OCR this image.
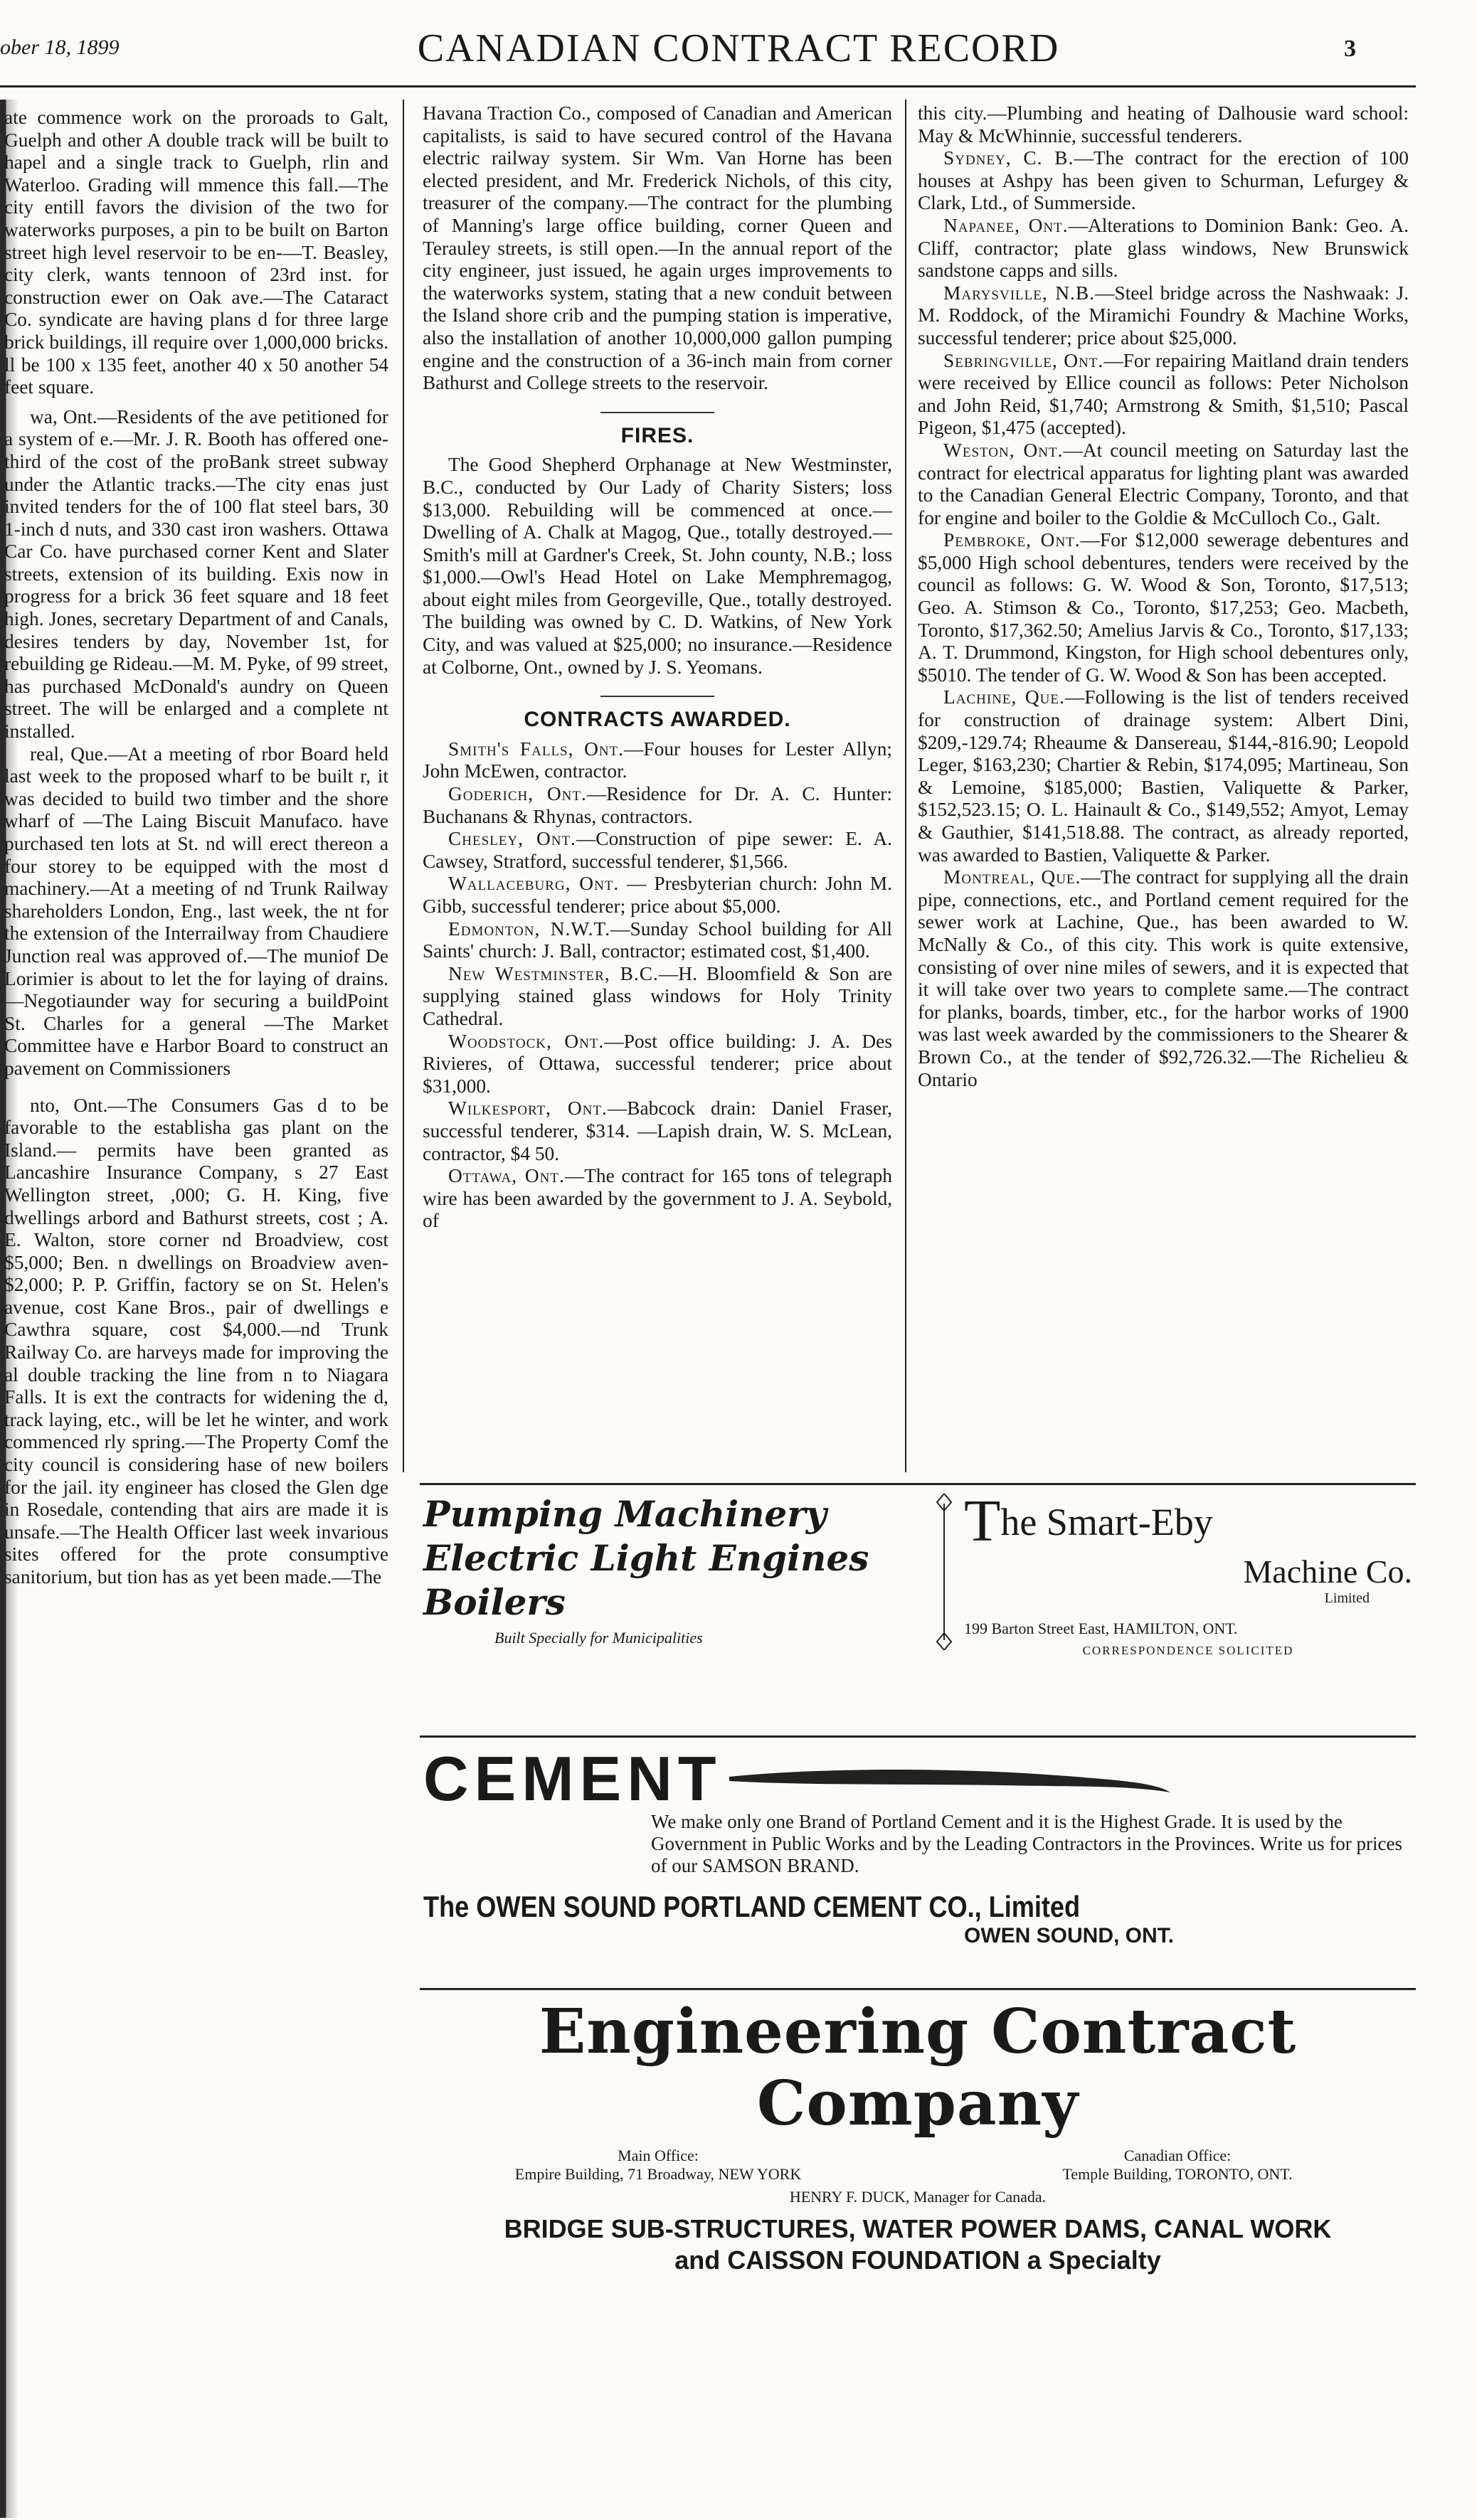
ober 18, 1899	CANADIAN CONTRACT RECORD	3

ate commence work on the proroads to Galt, Guelph and other A double track will be built to hapel and a single track to Guelph, rlin and Waterloo. Grading will mmence this fall.—The city entill favors the division of the two for waterworks purposes, a pin to be built on Barton street high level reservoir to be en-—T. Beasley, city clerk, wants tennoon of 23rd inst. for construction ewer on Oak ave.—The Cataract Co. syndicate are having plans d for three large brick buildings, ill require over 1,000,000 bricks. ll be 100 x 135 feet, another 40 x 50 another 54 feet square.

wa, Ont.—Residents of the ave petitioned for a system of e.—Mr. J. R. Booth has offered one-third of the cost of the proBank street subway under the Atlantic tracks.—The city enas just invited tenders for the of 100 flat steel bars, 30 1-inch d nuts, and 330 cast iron washers. Ottawa Car Co. have purchased corner Kent and Slater streets, extension of its building. Exis now in progress for a brick 36 feet square and 18 feet high. Jones, secretary Department of and Canals, desires tenders by day, November 1st, for rebuilding ge Rideau.—M. M. Pyke, of 99 street, has purchased McDonald's aundry on Queen street. The will be enlarged and a complete nt installed.

real, Que.—At a meeting of rbor Board held last week to the proposed wharf to be built r, it was decided to build two timber and the shore wharf of —The Laing Biscuit Manufaco. have purchased ten lots at St. nd will erect thereon a four storey to be equipped with the most d machinery.—At a meeting of nd Trunk Railway shareholders London, Eng., last week, the nt for the extension of the Interrailway from Chaudiere Junction real was approved of.—The muniof De Lorimier is about to let the for laying of drains.—Negotiaunder way for securing a buildPoint St. Charles for a general —The Market Committee have e Harbor Board to construct an pavement on Commissioners

nto, Ont.—The Consumers Gas d to be favorable to the establisha gas plant on the Island.— permits have been granted as Lancashire Insurance Company, s 27 East Wellington street, ,000; G. H. King, five dwellings arbord and Bathurst streets, cost ; A. E. Walton, store corner nd Broadview, cost $5,000; Ben. n dwellings on Broadview aven- $2,000; P. P. Griffin, factory se on St. Helen's avenue, cost Kane Bros., pair of dwellings e Cawthra square, cost $4,000.—nd Trunk Railway Co. are harveys made for improving the al double tracking the line from n to Niagara Falls. It is ext the contracts for widening the d, track laying, etc., will be let he winter, and work commenced rly spring.—The Property Comf the city council is considering hase of new boilers for the jail. ity engineer has closed the Glen dge in Rosedale, contending that airs are made it is unsafe.—The Health Officer last week invarious sites offered for the prote consumptive sanitorium, but tion has as yet been made.—The

Havana Traction Co., composed of Canadian and American capitalists, is said to have secured control of the Havana electric railway system. Sir Wm. Van Horne has been elected president, and Mr. Frederick Nichols, of this city, treasurer of the company.—The contract for the plumbing of Manning's large office building, corner Queen and Terauley streets, is still open.—In the annual report of the city engineer, just issued, he again urges improvements to the waterworks system, stating that a new conduit between the Island shore crib and the pumping station is imperative, also the installation of another 10,000,000 gallon pumping engine and the construction of a 36-inch main from corner Bathurst and College streets to the reservoir.

FIRES.

The Good Shepherd Orphanage at New Westminster, B.C., conducted by Our Lady of Charity Sisters; loss $13,000. Rebuilding will be commenced at once.—Dwelling of A. Chalk at Magog, Que., totally destroyed.—Smith's mill at Gardner's Creek, St. John county, N.B.; loss $1,000.—Owl's Head Hotel on Lake Memphremagog, about eight miles from Georgeville, Que., totally destroyed. The building was owned by C. D. Watkins, of New York City, and was valued at $25,000; no insurance.—Residence at Colborne, Ont., owned by J. S. Yeomans.

CONTRACTS AWARDED.

Smith's Falls, Ont.—Four houses for Lester Allyn; John McEwen, contractor.

Goderich, Ont.—Residence for Dr. A. C. Hunter: Buchanans & Rhynas, contractors.

Chesley, Ont.—Construction of pipe sewer: E. A. Cawsey, Stratford, successful tenderer, $1,566.

Wallaceburg, Ont. — Presbyterian church: John M. Gibb, successful tenderer; price about $5,000.

Edmonton, N.W.T.—Sunday School building for All Saints' church: J. Ball, contractor; estimated cost, $1,400.

New Westminster, B.C.—H. Bloomfield & Son are supplying stained glass windows for Holy Trinity Cathedral.

Woodstock, Ont.—Post office building: J. A. Des Rivieres, of Ottawa, successful tenderer; price about $31,000.

Wilkesport, Ont.—Babcock drain: Daniel Fraser, successful tenderer, $314. —Lapish drain, W. S. McLean, contractor, $4 50.

Ottawa, Ont.—The contract for 165 tons of telegraph wire has been awarded by the government to J. A. Seybold, of

this city.—Plumbing and heating of Dalhousie ward school: May & McWhinnie, successful tenderers.

Sydney, C. B.—The contract for the erection of 100 houses at Ashpy has been given to Schurman, Lefurgey & Clark, Ltd., of Summerside.

Napanee, Ont.—Alterations to Dominion Bank: Geo. A. Cliff, contractor; plate glass windows, New Brunswick sandstone capps and sills.

Marysville, N.B.—Steel bridge across the Nashwaak: J. M. Roddock, of the Miramichi Foundry & Machine Works, successful tenderer; price about $25,000.

Sebringville, Ont.—For repairing Maitland drain tenders were received by Ellice council as follows: Peter Nicholson and John Reid, $1,740; Armstrong & Smith, $1,510; Pascal Pigeon, $1,475 (accepted).

Weston, Ont.—At council meeting on Saturday last the contract for electrical apparatus for lighting plant was awarded to the Canadian General Electric Company, Toronto, and that for engine and boiler to the Goldie & McCulloch Co., Galt.

Pembroke, Ont.—For $12,000 sewerage debentures and $5,000 High school debentures, tenders were received by the council as follows: G. W. Wood & Son, Toronto, $17,513; Geo. A. Stimson & Co., Toronto, $17,253; Geo. Macbeth, Toronto, $17,362.50; Amelius Jarvis & Co., Toronto, $17,133; A. T. Drummond, Kingston, for High school debentures only, $5010. The tender of G. W. Wood & Son has been accepted.

Lachine, Que.—Following is the list of tenders received for construction of drainage system: Albert Dini, $209,-129.74; Rheaume & Dansereau, $144,-816.90; Leopold Leger, $163,230; Chartier & Rebin, $174,095; Martineau, Son & Lemoine, $185,000; Bastien, Valiquette & Parker, $152,523.15; O. L. Hainault & Co., $149,552; Amyot, Lemay & Gauthier, $141,518.88. The contract, as already reported, was awarded to Bastien, Valiquette & Parker.

Montreal, Que.—The contract for supplying all the drain pipe, connections, etc., and Portland cement required for the sewer work at Lachine, Que., has been awarded to W. McNally & Co., of this city. This work is quite extensive, consisting of over nine miles of sewers, and it is expected that it will take over two years to complete same.—The contract for planks, boards, timber, etc., for the harbor works of 1900 was last week awarded by the commissioners to the Shearer & Brown Co., at the tender of $92,726.32.—The Richelieu & Ontario

Pumping Machinery
Electric Light Engines
Boilers
Built Specially for Municipalities
The Smart-Eby
Machine Co.
Limited
199 Barton Street East, HAMILTON, ONT.
CORRESPONDENCE SOLICITED
CEMENT
We make only one Brand of Portland Cement and it is the Highest Grade. It is used by the Government in Public Works and by the Leading Contractors in the Provinces. Write us for prices of our SAMSON BRAND.
The OWEN SOUND PORTLAND CEMENT CO., Limited
OWEN SOUND, ONT.
Engineering Contract Company
Main Office:
Empire Building, 71 Broadway, NEW YORK
Canadian Office:
Temple Building, TORONTO, ONT.
HENRY F. DUCK, Manager for Canada.
BRIDGE SUB-STRUCTURES, WATER POWER DAMS, CANAL WORK
and CAISSON FOUNDATION a Specialty
